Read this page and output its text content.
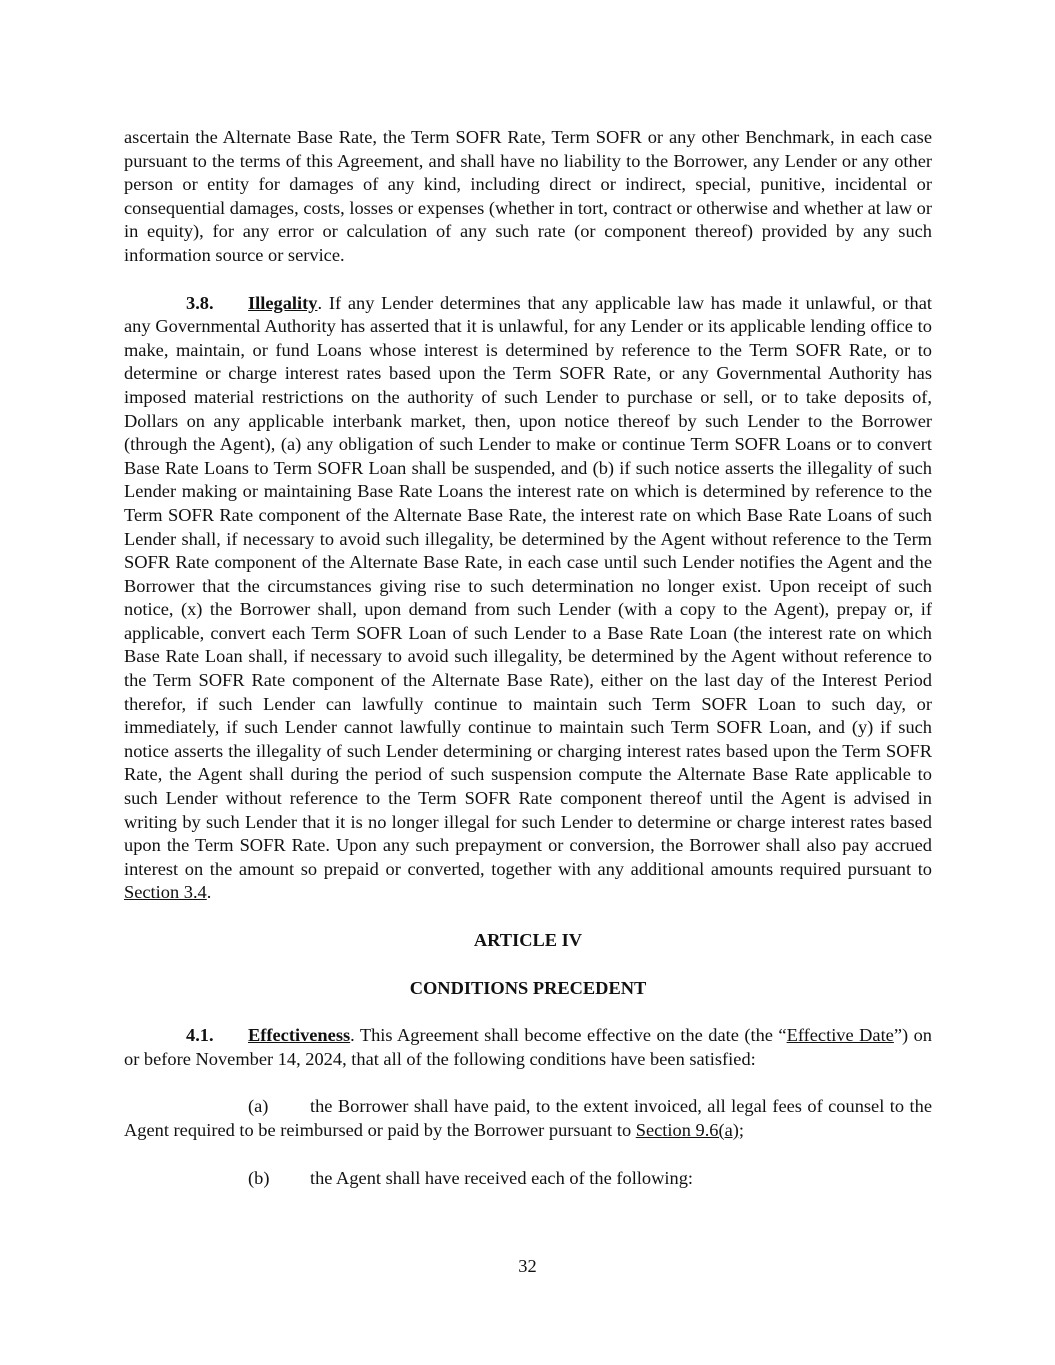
ascertain the Alternate Base Rate, the Term SOFR Rate, Term SOFR or any other Benchmark, in each case pursuant to the terms of this Agreement, and shall have no liability to the Borrower, any Lender or any other person or entity for damages of any kind, including direct or indirect, special, punitive, incidental or consequential damages, costs, losses or expenses (whether in tort, contract or otherwise and whether at law or in equity), for any error or calculation of any such rate (or component thereof) provided by any such information source or service.

3.8. Illegality. If any Lender determines that any applicable law has made it unlawful, or that any Governmental Authority has asserted that it is unlawful, for any Lender or its applicable lending office to make, maintain, or fund Loans whose interest is determined by reference to the Term SOFR Rate, or to determine or charge interest rates based upon the Term SOFR Rate, or any Governmental Authority has imposed material restrictions on the authority of such Lender to purchase or sell, or to take deposits of, Dollars on any applicable interbank market, then, upon notice thereof by such Lender to the Borrower (through the Agent), (a) any obligation of such Lender to make or continue Term SOFR Loans or to convert Base Rate Loans to Term SOFR Loan shall be suspended, and (b) if such notice asserts the illegality of such Lender making or maintaining Base Rate Loans the interest rate on which is determined by reference to the Term SOFR Rate component of the Alternate Base Rate, the interest rate on which Base Rate Loans of such Lender shall, if necessary to avoid such illegality, be determined by the Agent without reference to the Term SOFR Rate component of the Alternate Base Rate, in each case until such Lender notifies the Agent and the Borrower that the circumstances giving rise to such determination no longer exist. Upon receipt of such notice, (x) the Borrower shall, upon demand from such Lender (with a copy to the Agent), prepay or, if applicable, convert each Term SOFR Loan of such Lender to a Base Rate Loan (the interest rate on which Base Rate Loan shall, if necessary to avoid such illegality, be determined by the Agent without reference to the Term SOFR Rate component of the Alternate Base Rate), either on the last day of the Interest Period therefor, if such Lender can lawfully continue to maintain such Term SOFR Loan to such day, or immediately, if such Lender cannot lawfully continue to maintain such Term SOFR Loan, and (y) if such notice asserts the illegality of such Lender determining or charging interest rates based upon the Term SOFR Rate, the Agent shall during the period of such suspension compute the Alternate Base Rate applicable to such Lender without reference to the Term SOFR Rate component thereof until the Agent is advised in writing by such Lender that it is no longer illegal for such Lender to determine or charge interest rates based upon the Term SOFR Rate. Upon any such prepayment or conversion, the Borrower shall also pay accrued interest on the amount so prepaid or converted, together with any additional amounts required pursuant to Section 3.4.

ARTICLE IV

CONDITIONS PRECEDENT

4.1. Effectiveness. This Agreement shall become effective on the date (the “Effective Date”) on or before November 14, 2024, that all of the following conditions have been satisfied:

(a) the Borrower shall have paid, to the extent invoiced, all legal fees of counsel to the Agent required to be reimbursed or paid by the Borrower pursuant to Section 9.6(a);

(b) the Agent shall have received each of the following:

32
